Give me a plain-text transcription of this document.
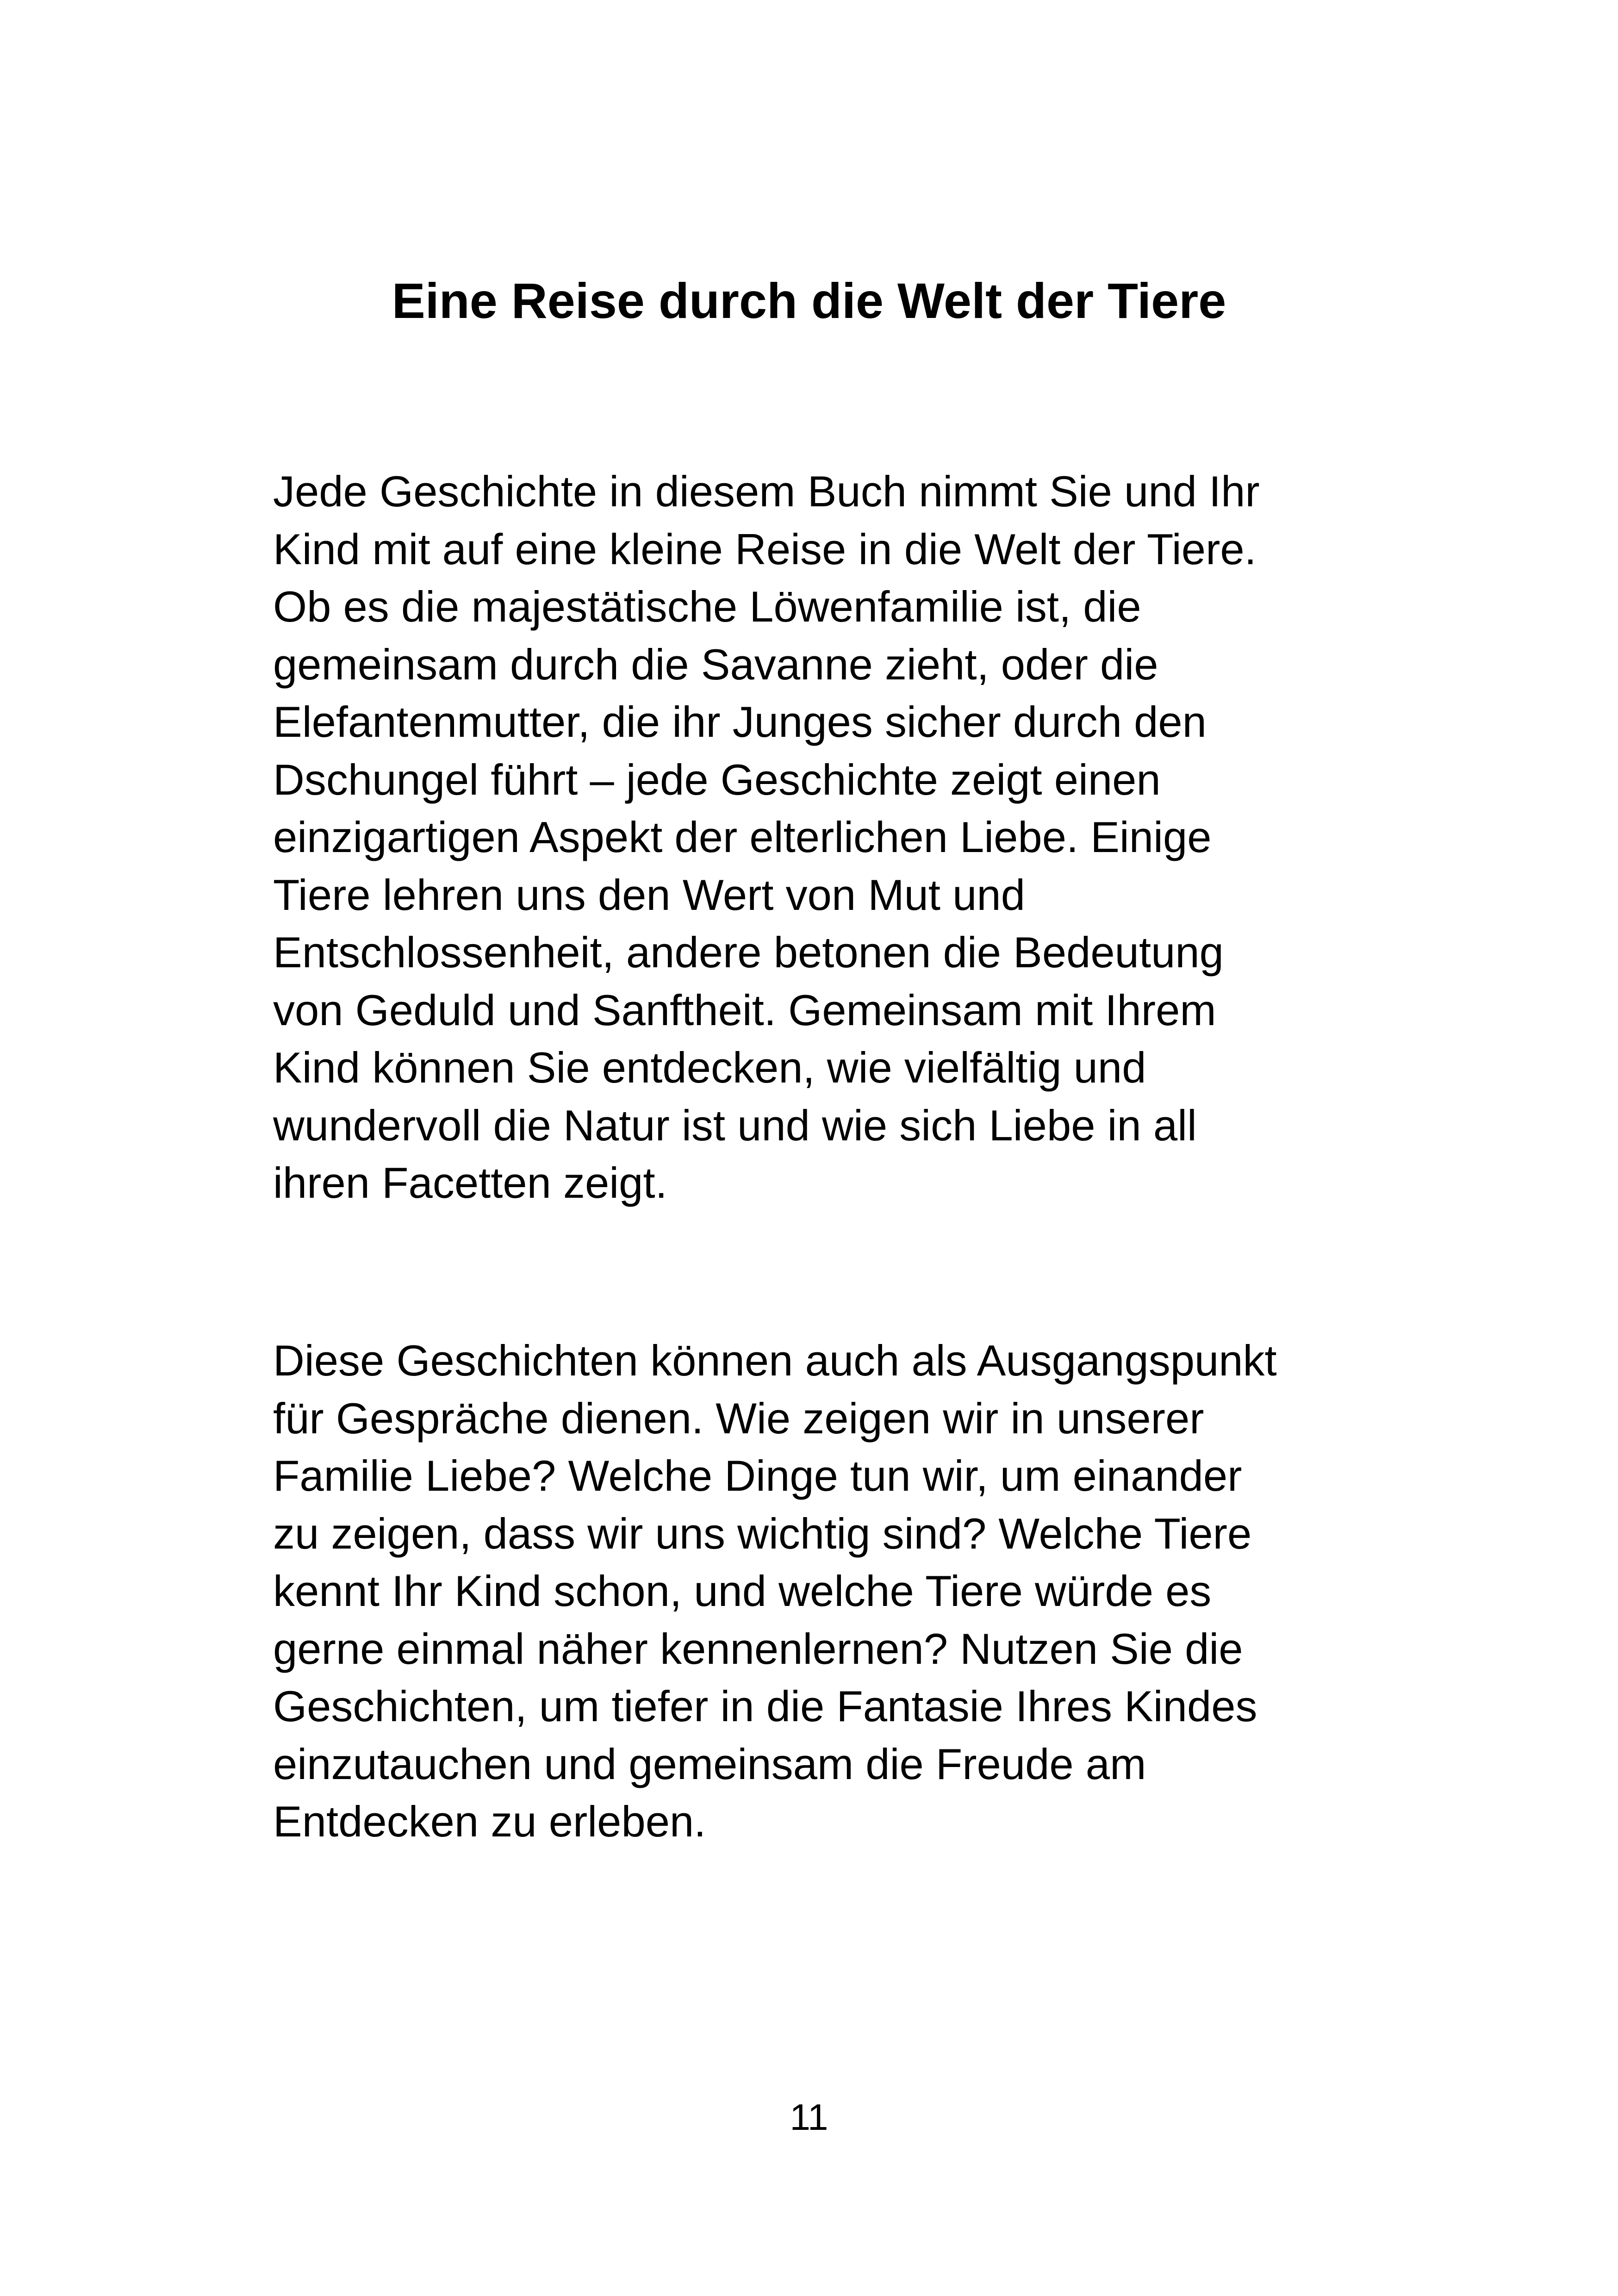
Eine Reise durch die Welt der Tiere

Jede Geschichte in diesem Buch nimmt Sie und Ihr
Kind mit auf eine kleine Reise in die Welt der Tiere.
Ob es die majestätische Löwenfamilie ist, die
gemeinsam durch die Savanne zieht, oder die
Elefantenmutter, die ihr Junges sicher durch den
Dschungel führt – jede Geschichte zeigt einen
einzigartigen Aspekt der elterlichen Liebe. Einige
Tiere lehren uns den Wert von Mut und
Entschlossenheit, andere betonen die Bedeutung
von Geduld und Sanftheit. Gemeinsam mit Ihrem
Kind können Sie entdecken, wie vielfältig und
wundervoll die Natur ist und wie sich Liebe in all
ihren Facetten zeigt.

Diese Geschichten können auch als Ausgangspunkt
für Gespräche dienen. Wie zeigen wir in unserer
Familie Liebe? Welche Dinge tun wir, um einander
zu zeigen, dass wir uns wichtig sind? Welche Tiere
kennt Ihr Kind schon, und welche Tiere würde es
gerne einmal näher kennenlernen? Nutzen Sie die
Geschichten, um tiefer in die Fantasie Ihres Kindes
einzutauchen und gemeinsam die Freude am
Entdecken zu erleben.

11
